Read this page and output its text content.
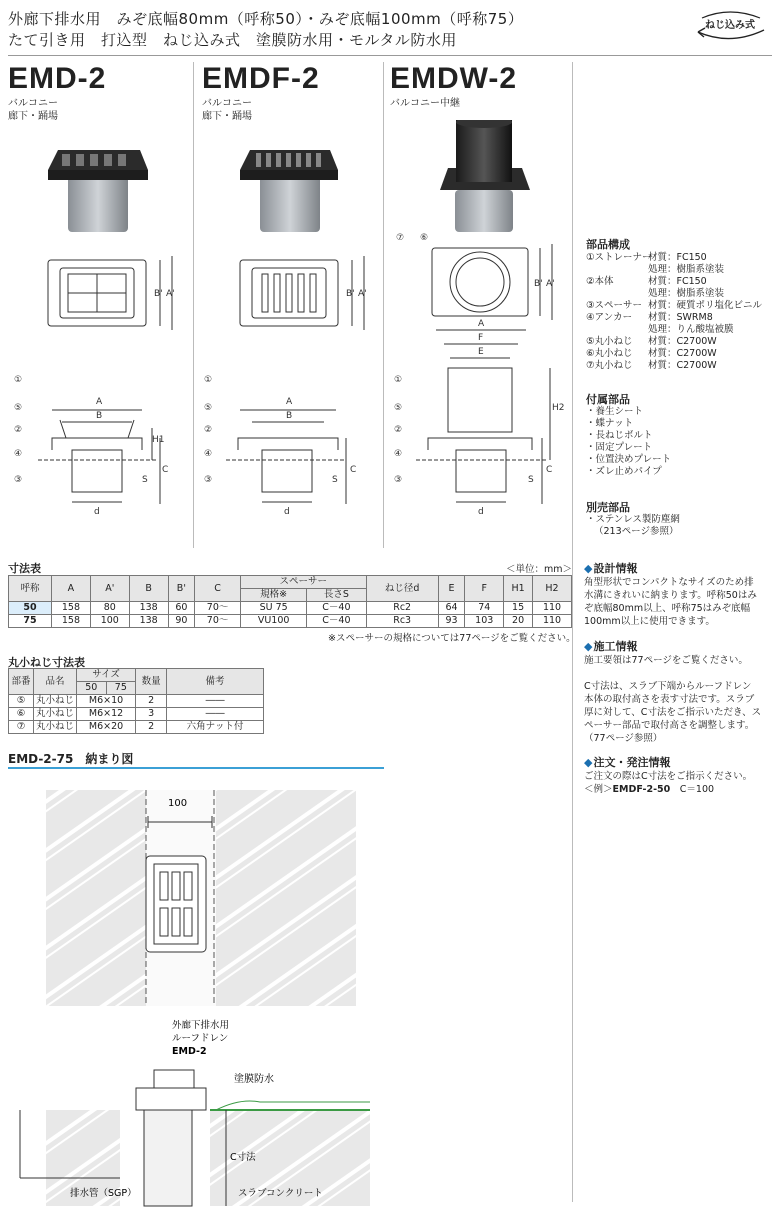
外廊下排水用　みぞ底幅80mm（呼称50）・みぞ底幅100mm（呼称75）
たて引き用　打込型　ねじ込み式　塗膜防水用・モルタル防水用
ねじ込み式
EMD-2
バルコニー
廊下・踊場
EMDF-2
バルコニー
廊下・踊場
EMDW-2
バルコニー中継
B' A'	B' A'
B' A'
⑦ ⑥
A
B
H1
C
S
d
①
⑤
②
④
③
A
B
C
S
d
①
⑤
②
④
③
A
F
E
H2
C
S
d
①
⑤
②
④
③
部品構成
①ストレーナー材質：FC150
処理：樹脂系塗装
②本体	材質：FC150
処理：樹脂系塗装
③スペーサー 材質：硬質ポリ塩化ビニル
④アンカー 材質：SWRM8
処理：りん酸塩被膜
⑤丸小ねじ 材質：C2700W
⑥丸小ねじ 材質：C2700W
⑦丸小ねじ 材質：C2700W
付属部品
・養生シート
・蝶ナット
・長ねじボルト
・固定プレート
・位置決めプレート
・ズレ止めパイプ
別売部品
・ステンレス製防塵網
（213ページ参照）
◆ 設計情報
角型形状でコンパクトなサイズのため排
水溝にきれいに納まります。呼称50はみ
ぞ底幅80mm以上、呼称75はみぞ底幅
100mm以上に使用できます。
◆ 施工情報
施工要領は77ページをご覧ください。
C寸法は、スラブ下端からルーフドレン
本体の取付高さを表す寸法です。スラブ
厚に対して、C寸法をご指示いただき、ス
ペーサー部品で取付高さを調整します。
（77ページ参照）
◆ 注文・発注情報
ご注文の際はC寸法をご指示ください。
＜例＞EMDF-2-50　C＝100
寸法表	＜単位：mm＞
呼称	A	A'	B	B'	C	スペーサー		ねじ径d	E	F	H1	H2
						規格※	長さS					
50	158	80	138	60	70～	SU 75	C－40	Rc2	64	74	15	110
75	158	100	138	90	70～	VU100	C－40	Rc3	93	103	20	110
※スペーサーの規格については77ページをご覧ください。
丸小ねじ寸法表
部番	品名	サイズ		数量	備考
		50	75		
⑤	丸小ねじ	M6×10		2	――
⑥	丸小ねじ	M6×12		3	――
⑦	丸小ねじ	M6×20		2	六角ナット付
EMD-2-75　納まり図
100
外廊下排水用
ルーフドレン
EMD-2
塗膜防水
C寸法
排水管（SGP）	スラブコンクリート
